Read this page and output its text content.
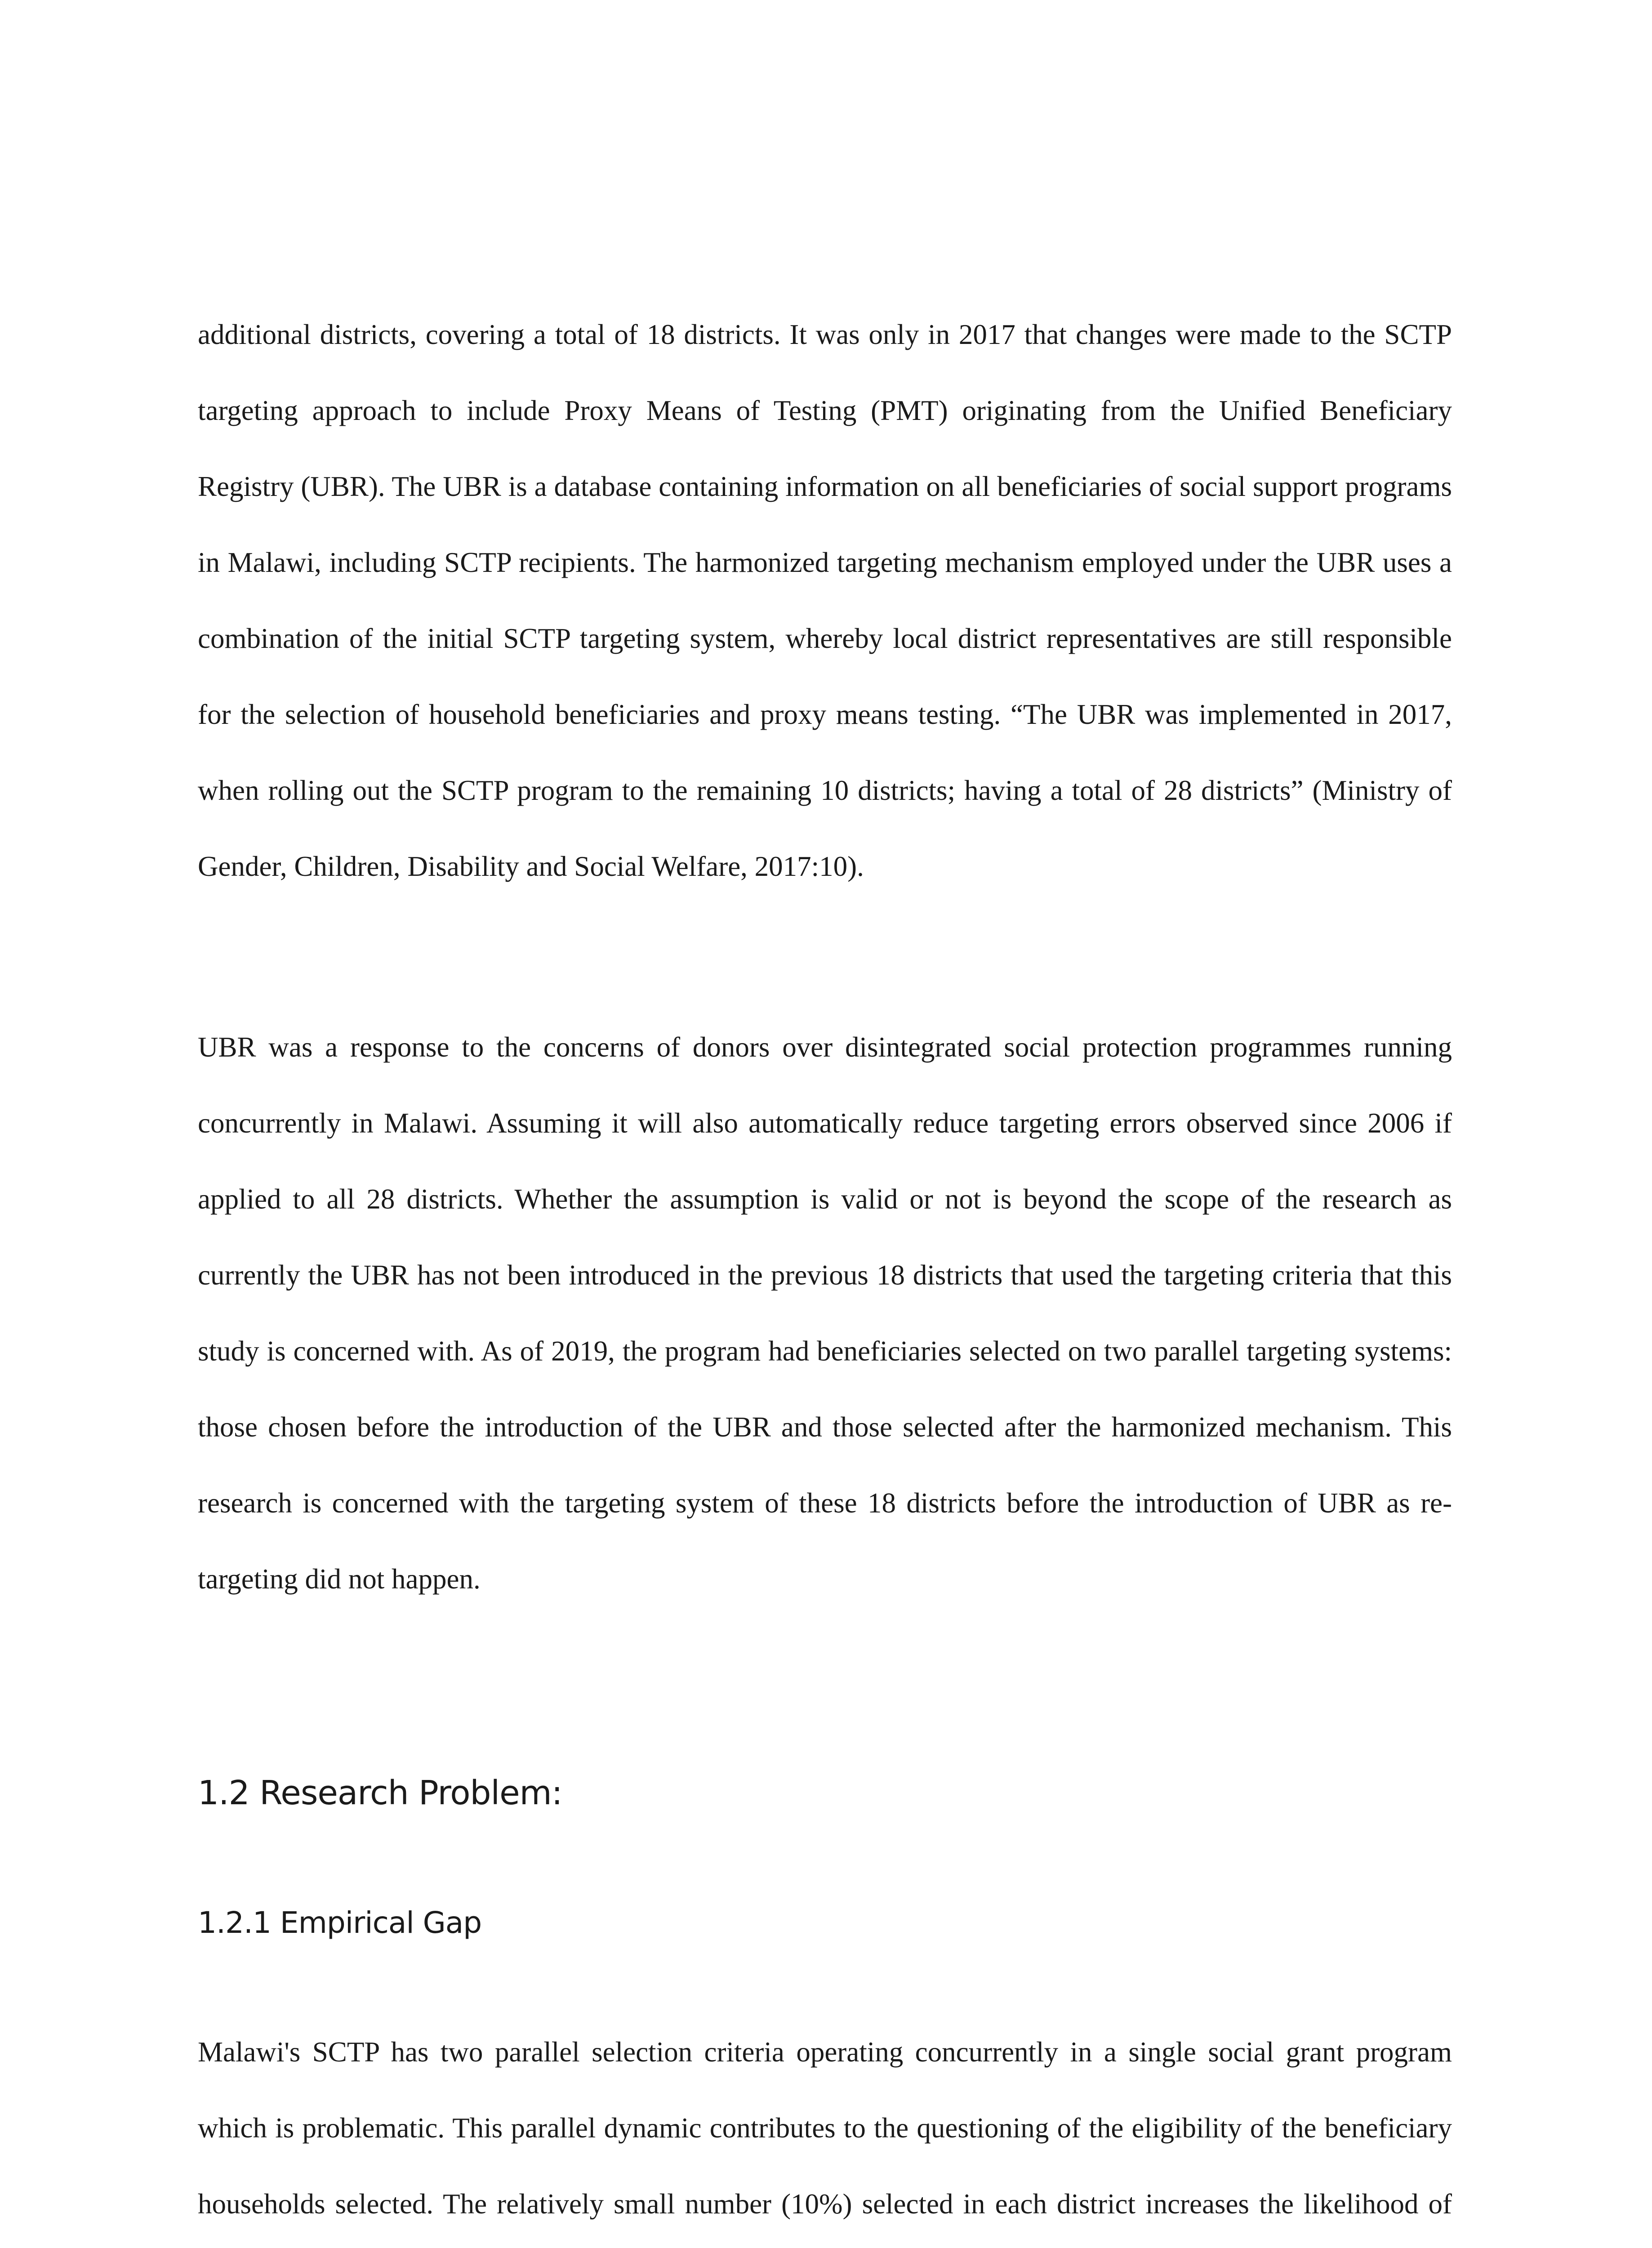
additional districts, covering a total of 18 districts. It was only in 2017 that changes were made to the SCTP targeting approach to include Proxy Means of Testing (PMT) originating from the Unified Beneficiary Registry (UBR). The UBR is a database containing information on all beneficiaries of social support programs in Malawi, including SCTP recipients. The harmonized targeting mechanism employed under the UBR uses a combination of the initial SCTP targeting system, whereby local district representatives are still responsible for the selection of household beneficiaries and proxy means testing. “The UBR was implemented in 2017, when rolling out the SCTP program to the remaining 10 districts; having a total of 28 districts” (Ministry of Gender, Children, Disability and Social Welfare, 2017:10).

UBR was a response to the concerns of donors over disintegrated social protection programmes running concurrently in Malawi. Assuming it will also automatically reduce targeting errors observed since 2006 if applied to all 28 districts. Whether the assumption is valid or not is beyond the scope of the research as currently the UBR has not been introduced in the previous 18 districts that used the targeting criteria that this study is concerned with. As of 2019, the program had beneficiaries selected on two parallel targeting systems: those chosen before the introduction of the UBR and those selected after the harmonized mechanism. This research is concerned with the targeting system of these 18 districts before the introduction of UBR as re-targeting did not happen.

1.2 Research Problem:
1.2.1 Empirical Gap

Malawi's SCTP has two parallel selection criteria operating concurrently in a single social grant program which is problematic. This parallel dynamic contributes to the questioning of the eligibility of the beneficiary households selected. The relatively small number (10%) selected in each district increases the likelihood of
